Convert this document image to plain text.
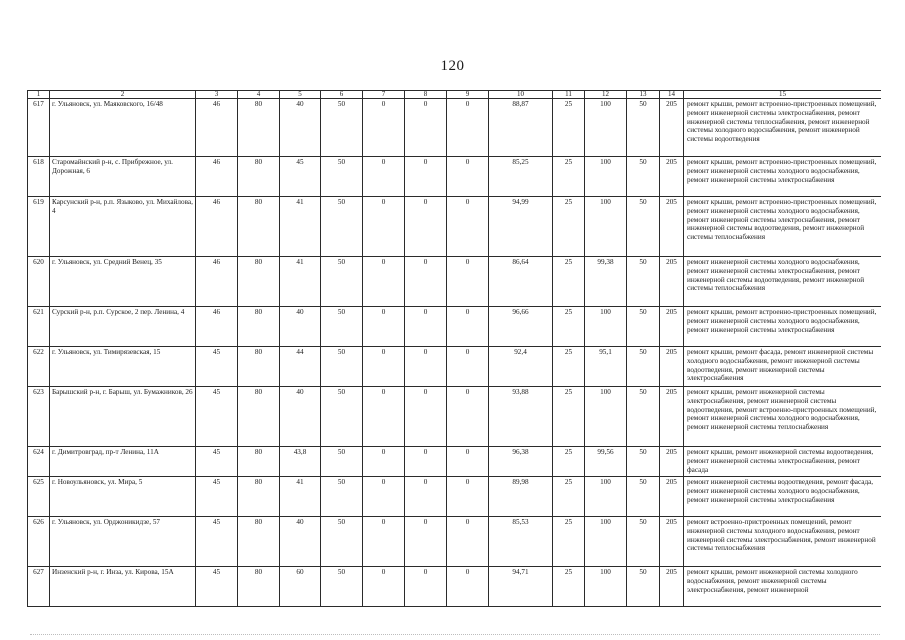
120
1	2	3	4	5	6	7	8	9	10	11	12	13	14	15
617	г. Ульяновск, ул. Маяковского, 16/48	46	80	40	50	0	0	0	88,87	25	100	50	205	ремонт крыши, ремонт встроенно-пристроенных помещений, ремонт инженерной системы электроснабжения, ремонт инженерной системы теплоснабжения, ремонт инженерной системы холодного водоснабжения, ремонт инженерной системы водоотведения
618	Старомайнский р-н, с. Прибрежное, ул. Дорожная, 6	46	80	45	50	0	0	0	85,25	25	100	50	205	ремонт крыши, ремонт встроенно-пристроенных помещений, ремонт инженерной системы холодного водоснабжения, ремонт инженерной системы электроснабжения
619	Карсунский р-н, р.п. Языково, ул. Михайлова, 4	46	80	41	50	0	0	0	94,99	25	100	50	205	ремонт крыши, ремонт встроенно-пристроенных помещений, ремонт инженерной системы холодного водоснабжения, ремонт инженерной системы электроснабжения, ремонт инженерной системы водоотведения, ремонт инженерной системы теплоснабжения
620	г. Ульяновск, ул. Средний Венец, 35	46	80	41	50	0	0	0	86,64	25	99,38	50	205	ремонт инженерной системы холодного водоснабжения, ремонт инженерной системы электроснабжения, ремонт инженерной системы водоотведения, ремонт инженерной системы теплоснабжения
621	Сурский р-н, р.п. Сурское, 2 пер. Ленина, 4	46	80	40	50	0	0	0	96,66	25	100	50	205	ремонт крыши, ремонт встроенно-пристроенных помещений, ремонт инженерной системы холодного водоснабжения, ремонт инженерной системы электроснабжения
622	г. Ульяновск, ул. Тимирязевская, 15	45	80	44	50	0	0	0	92,4	25	95,1	50	205	ремонт крыши, ремонт фасада, ремонт инженерной системы холодного водоснабжения, ремонт инженерной системы водоотведения, ремонт инженерной системы электроснабжения
623	Барышский р-н, г. Барыш, ул. Бумажников, 26	45	80	40	50	0	0	0	93,88	25	100	50	205	ремонт крыши, ремонт инженерной системы электроснабжения, ремонт инженерной системы водоотведения, ремонт встроенно-пристроенных помещений, ремонт инженерной системы холодного водоснабжения, ремонт инженерной системы теплоснабжения
624	г. Димитровград, пр-т Ленина, 11А	45	80	43,8	50	0	0	0	96,38	25	99,56	50	205	ремонт крыши, ремонт инженерной системы водоотведения, ремонт инженерной системы электроснабжения, ремонт фасада
625	г. Новоульяновск, ул. Мира, 5	45	80	41	50	0	0	0	89,98	25	100	50	205	ремонт инженерной системы водоотведения, ремонт фасада, ремонт инженерной системы холодного водоснабжения, ремонт инженерной системы электроснабжения
626	г. Ульяновск, ул. Орджоникидзе, 57	45	80	40	50	0	0	0	85,53	25	100	50	205	ремонт встроенно-пристроенных помещений, ремонт инженерной системы холодного водоснабжения, ремонт инженерной системы электроснабжения, ремонт инженерной системы теплоснабжения
627	Инзенский р-н, г. Инза, ул. Кирова, 15А	45	80	60	50	0	0	0	94,71	25	100	50	205	ремонт крыши, ремонт инженерной системы холодного водоснабжения, ремонт инженерной системы электроснабжения, ремонт инженерной
